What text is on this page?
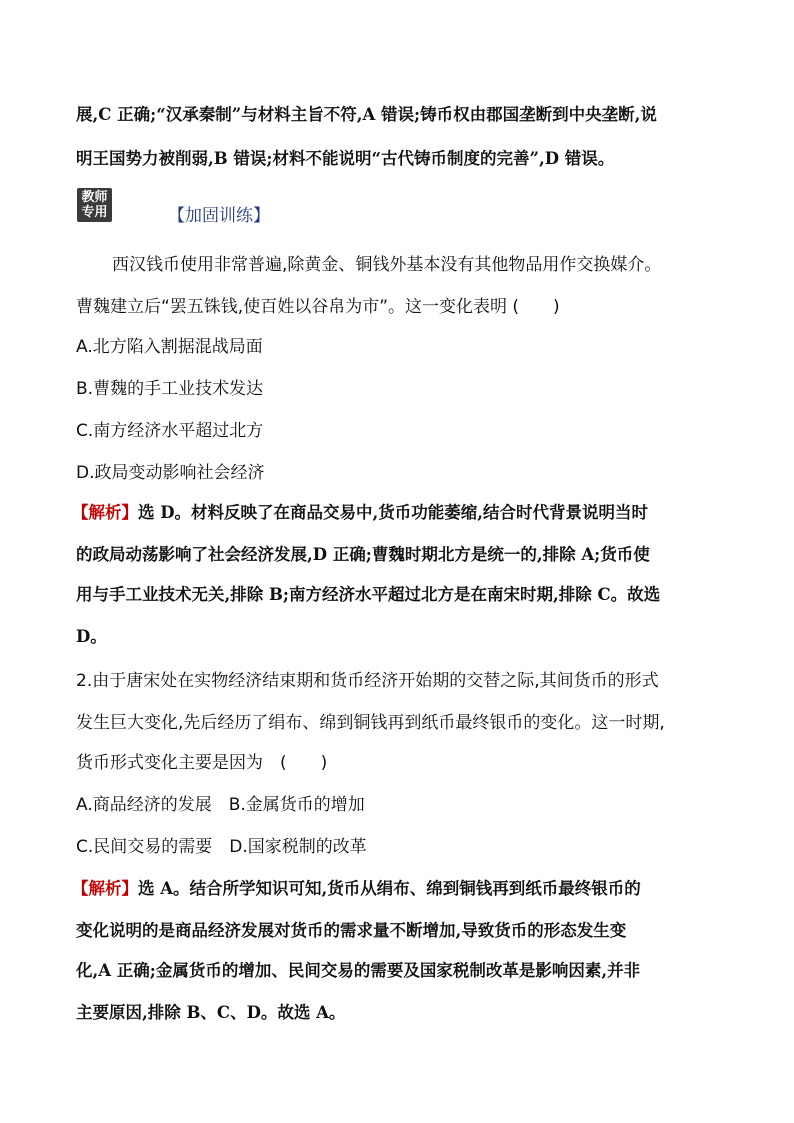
展,C 正确;“汉承秦制”与材料主旨不符,A 错误;铸币权由郡国垄断到中央垄断,说
明王国势力被削弱,B 错误;材料不能说明“古代铸币制度的完善”,D 错误。
教师
专用	【加固训练】
西汉钱币使用非常普遍,除黄金、铜钱外基本没有其他物品用作交换媒介。
曹魏建立后“罢五铢钱,使百姓以谷帛为市”。这一变化表明 (　　)
A.北方陷入割据混战局面
B.曹魏的手工业技术发达
C.南方经济水平超过北方
D.政局变动影响社会经济
【解析】选 D。材料反映了在商品交易中,货币功能萎缩,结合时代背景说明当时
的政局动荡影响了社会经济发展,D 正确;曹魏时期北方是统一的,排除 A;货币使
用与手工业技术无关,排除 B;南方经济水平超过北方是在南宋时期,排除 C。故选
D。
2.由于唐宋处在实物经济结束期和货币经济开始期的交替之际,其间货币的形式
发生巨大变化,先后经历了绢布、绵到铜钱再到纸币最终银币的变化。这一时期,
货币形式变化主要是因为　(　　)
A.商品经济的发展　B.金属货币的增加
C.民间交易的需要　D.国家税制的改革
【解析】选 A。结合所学知识可知,货币从绢布、绵到铜钱再到纸币最终银币的
变化说明的是商品经济发展对货币的需求量不断增加,导致货币的形态发生变
化,A 正确;金属货币的增加、民间交易的需要及国家税制改革是影响因素,并非
主要原因,排除 B、C、D。故选 A。
